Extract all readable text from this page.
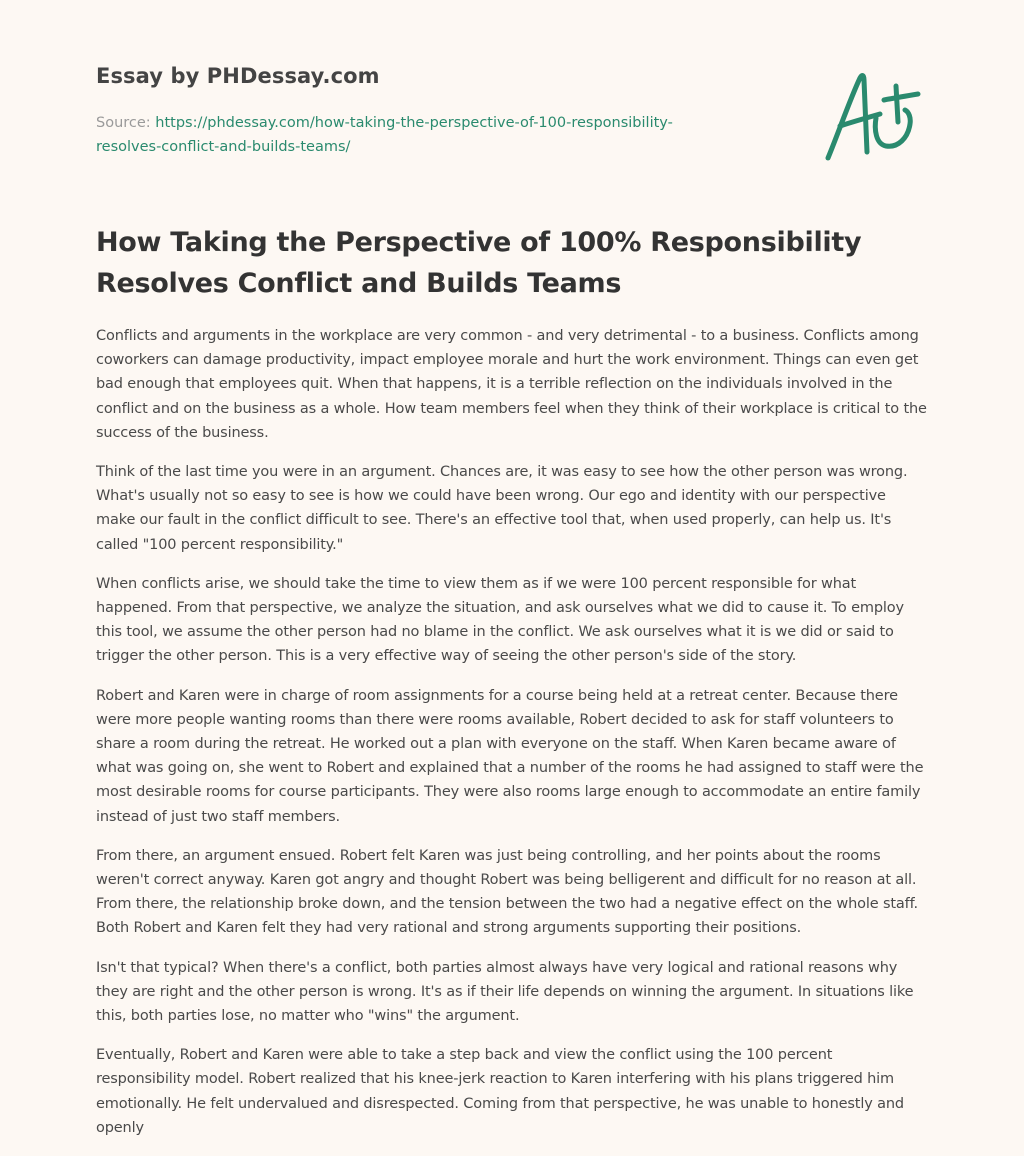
Essay by PHDessay.com
Source: https://phdessay.com/how-taking-the-perspective-of-100-responsibility-
resolves-conflict-and-builds-teams/
How Taking the Perspective of 100% Responsibility Resolves Conflict and Builds Teams

Conflicts and arguments in the workplace are very common - and very detrimental - to a business. Conflicts among coworkers can damage productivity, impact employee morale and hurt the work environment. Things can even get bad enough that employees quit. When that happens, it is a terrible reflection on the individuals involved in the conflict and on the business as a whole. How team members feel when they think of their workplace is critical to the success of the business.

Think of the last time you were in an argument. Chances are, it was easy to see how the other person was wrong. What's usually not so easy to see is how we could have been wrong. Our ego and identity with our perspective make our fault in the conflict difficult to see. There's an effective tool that, when used properly, can help us. It's called "100 percent responsibility."

When conflicts arise, we should take the time to view them as if we were 100 percent responsible for what happened. From that perspective, we analyze the situation, and ask ourselves what we did to cause it. To employ this tool, we assume the other person had no blame in the conflict. We ask ourselves what it is we did or said to trigger the other person. This is a very effective way of seeing the other person's side of the story.

Robert and Karen were in charge of room assignments for a course being held at a retreat center. Because there were more people wanting rooms than there were rooms available, Robert decided to ask for staff volunteers to share a room during the retreat. He worked out a plan with everyone on the staff. When Karen became aware of what was going on, she went to Robert and explained that a number of the rooms he had assigned to staff were the most desirable rooms for course participants. They were also rooms large enough to accommodate an entire family instead of just two staff members.

From there, an argument ensued. Robert felt Karen was just being controlling, and her points about the rooms weren't correct anyway. Karen got angry and thought Robert was being belligerent and difficult for no reason at all. From there, the relationship broke down, and the tension between the two had a negative effect on the whole staff. Both Robert and Karen felt they had very rational and strong arguments supporting their positions.

Isn't that typical? When there's a conflict, both parties almost always have very logical and rational reasons why they are right and the other person is wrong. It's as if their life depends on winning the argument. In situations like this, both parties lose, no matter who "wins" the argument.

Eventually, Robert and Karen were able to take a step back and view the conflict using the 100 percent responsibility model. Robert realized that his knee-jerk reaction to Karen interfering with his plans triggered him emotionally. He felt undervalued and disrespected. Coming from that perspective, he was unable to honestly and openly
